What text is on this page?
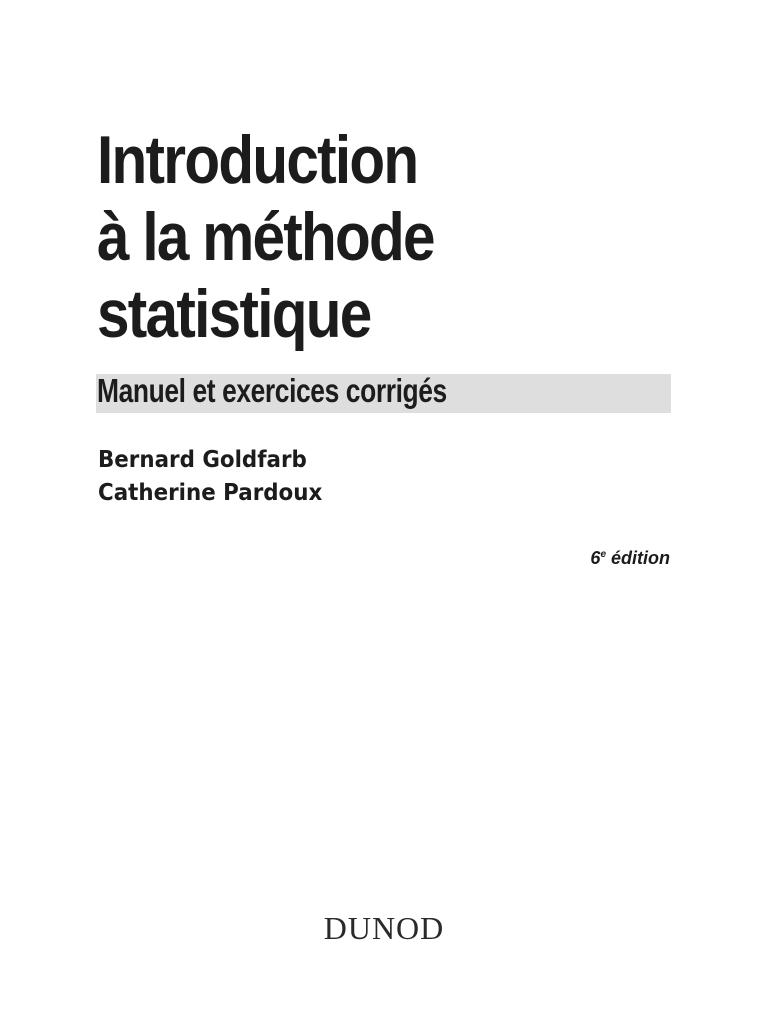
Introduction
à la méthode
statistique
Manuel et exercices corrigés
Bernard Goldfarb
Catherine Pardoux
6e édition
DUNOD
